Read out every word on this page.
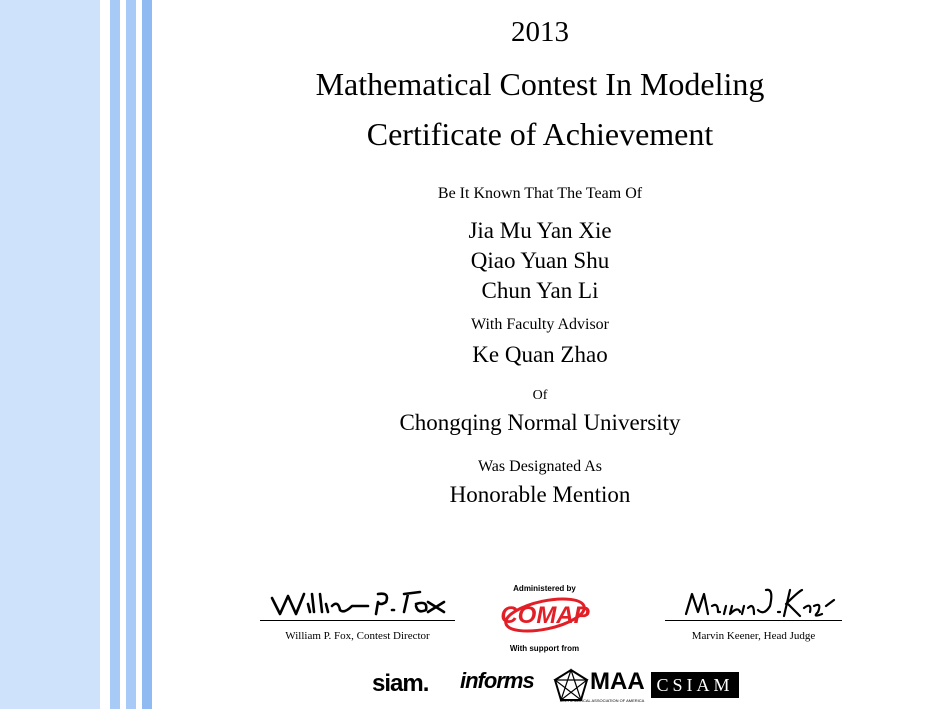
2013
Mathematical Contest In Modeling
Certificate of Achievement
Be It Known That The Team Of
Jia Mu Yan Xie
Qiao Yuan Shu
Chun Yan Li
With Faculty Advisor
Ke Quan Zhao
Of
Chongqing Normal University
Was Designated As
Honorable Mention
William P. Fox, Contest Director	Marvin Keener, Head Judge
Administered by
COMAP
With support from
siam. informs MAA
MATHEMATICAL ASSOCIATION OF AMERICA
CSIAM
